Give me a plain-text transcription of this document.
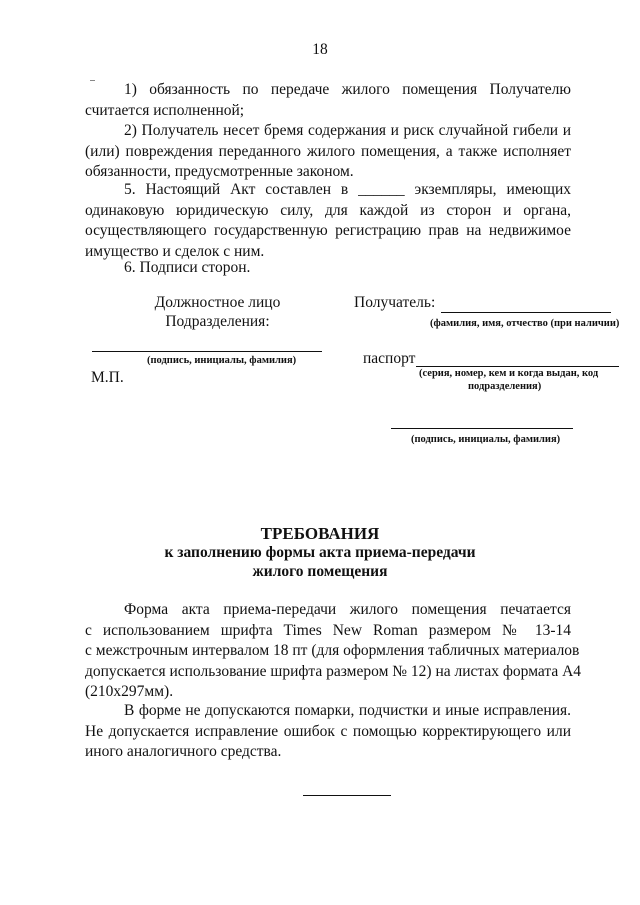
18
1) обязанность по передаче жилого помещения Получателю
считается исполненной;
2) Получатель несет бремя содержания и риск случайной гибели и
(или) повреждения переданного жилого помещения, а также исполняет
обязанности, предусмотренные законом.
5. Настоящий Акт составлен в ______ экземпляры, имеющих
одинаковую юридическую силу, для каждой из сторон и органа,
осуществляющего государственную регистрацию прав на недвижимое
имущество и сделок с ним.
6. Подписи сторон.
Должностное лицо
Подразделения:
Получатель:
(фамилия, имя, отчество (при наличии)
(подпись, инициалы, фамилия)	паспорт
(серия, номер, кем и когда выдан, код
подразделения)
М.П.
(подпись, инициалы, фамилия)
ТРЕБОВАНИЯ
к заполнению формы акта приема-передачи
жилого помещения
Форма акта приема-передачи жилого помещения печатается
с использованием шрифта Times New Roman размером № 13-14
с межстрочным интервалом 18 пт (для оформления табличных материалов
допускается использование шрифта размером № 12) на листах формата А4
(210х297мм).
В форме не допускаются помарки, подчистки и иные исправления.
Не допускается исправление ошибок с помощью корректирующего или
иного аналогичного средства.
